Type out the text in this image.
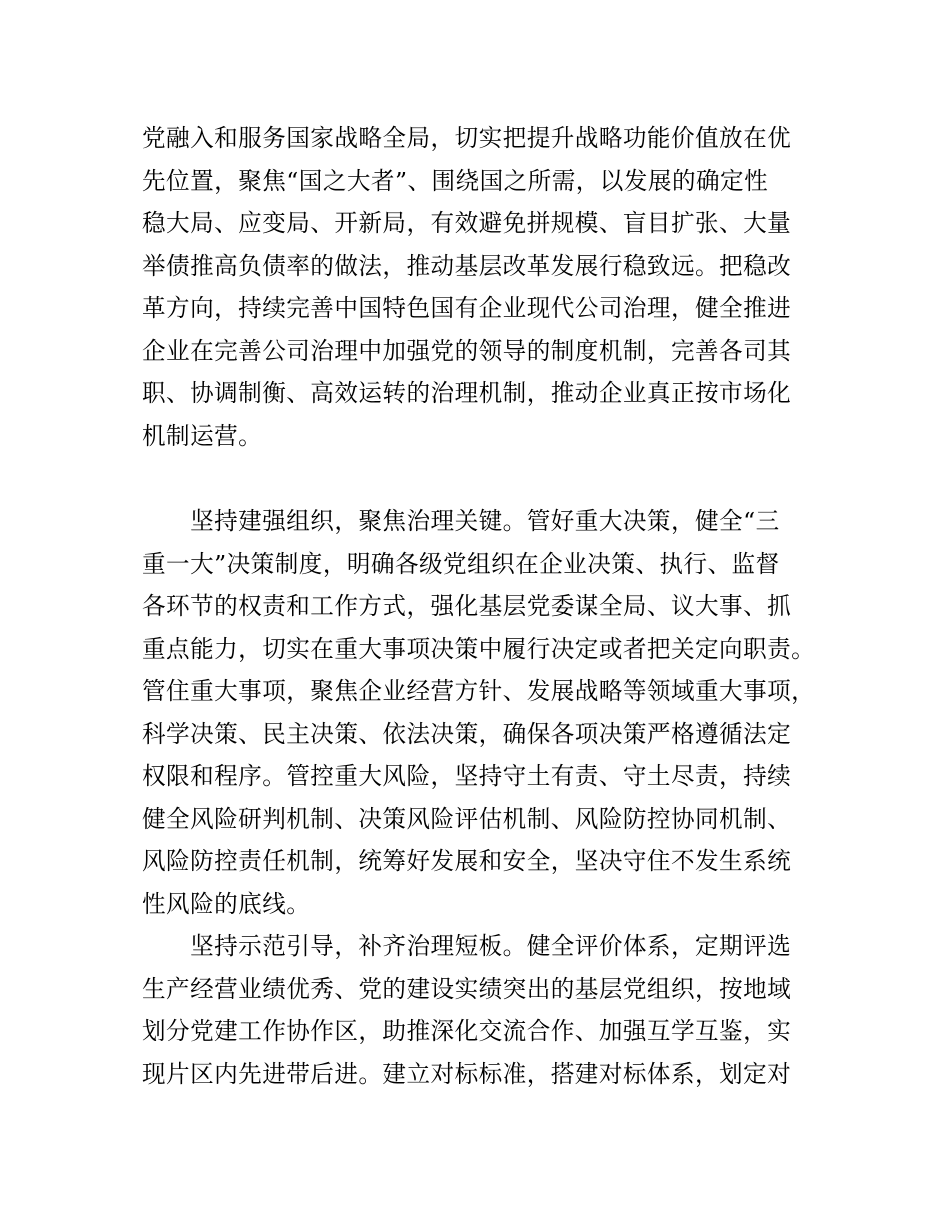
党融入和服务国家战略全局，切实把提升战略功能价值放在优
先位置，聚焦“国之大者”、围绕国之所需，以发展的确定性
稳大局、应变局、开新局，有效避免拼规模、盲目扩张、大量
举债推高负债率的做法，推动基层改革发展行稳致远。把稳改
革方向，持续完善中国特色国有企业现代公司治理，健全推进
企业在完善公司治理中加强党的领导的制度机制，完善各司其
职、协调制衡、高效运转的治理机制，推动企业真正按市场化
机制运营。
　　坚持建强组织，聚焦治理关键。管好重大决策，健全“三
重一大”决策制度，明确各级党组织在企业决策、执行、监督
各环节的权责和工作方式，强化基层党委谋全局、议大事、抓
重点能力，切实在重大事项决策中履行决定或者把关定向职责。
管住重大事项，聚焦企业经营方针、发展战略等领域重大事项，
科学决策、民主决策、依法决策，确保各项决策严格遵循法定
权限和程序。管控重大风险，坚持守土有责、守土尽责，持续
健全风险研判机制、决策风险评估机制、风险防控协同机制、
风险防控责任机制，统筹好发展和安全，坚决守住不发生系统
性风险的底线。
　　坚持示范引导，补齐治理短板。健全评价体系，定期评选
生产经营业绩优秀、党的建设实绩突出的基层党组织，按地域
划分党建工作协作区，助推深化交流合作、加强互学互鉴，实
现片区内先进带后进。建立对标标准，搭建对标体系，划定对
